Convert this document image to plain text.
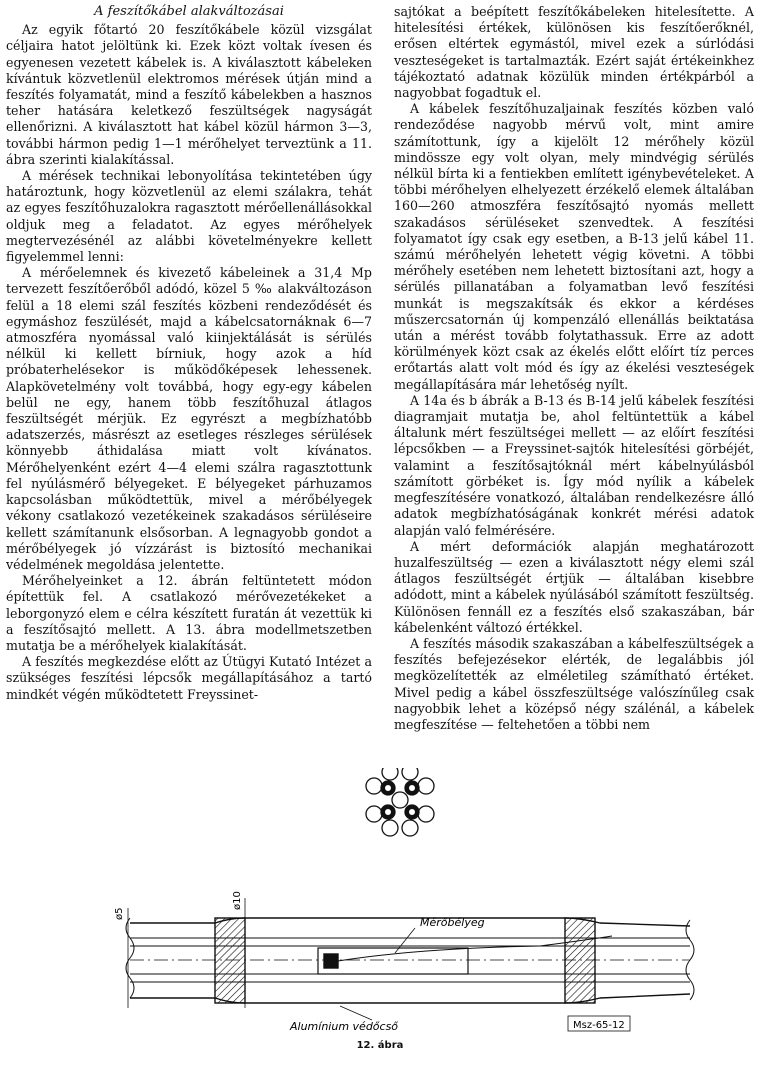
A feszítőkábel alakváltozásai

Az egyik főtartó 20 feszítőkábele közül vizsgálat céljaira hatot jelöltünk ki. Ezek közt voltak ívesen és egyenesen vezetett kábelek is. A kiválasztott kábeleken kívántuk közvetlenül elektromos mérések útján mind a feszítés folyamatát, mind a feszítő kábelekben a hasznos teher hatására keletkező feszültségek nagyságát ellenőrizni. A kiválasztott hat kábel közül hármon 3—3, további hármon pedig 1—1 mérőhelyet terveztünk a 11. ábra szerinti kialakítással.

A mérések technikai lebonyolítása tekintetében úgy határoztunk, hogy közvetlenül az elemi szálakra, tehát az egyes feszítőhuzalokra ragasztott mérőellenállásokkal oldjuk meg a feladatot. Az egyes mérőhelyek megtervezésénél az alábbi követelményekre kellett figyelemmel lenni:

A mérőelemnek és kivezető kábeleinek a 31,4 Mp tervezett feszítőerőből adódó, közel 5 ‰ alakváltozáson felül a 18 elemi szál feszítés közbeni rendeződését és egymáshoz feszülését, majd a kábelcsatornáknak 6—7 atmoszféra nyomással való kiinjektálását is sérülés nélkül ki kellett bírniuk, hogy azok a híd próbaterhelésekor is működőképesek lehessenek. Alapkövetelmény volt továbbá, hogy egy-egy kábelen belül ne egy, hanem több feszítőhuzal átlagos feszültségét mérjük. Ez egyrészt a megbízhatóbb adatszerzés, másrészt az esetleges részleges sérülések könnyebb áthidalása miatt volt kívánatos. Mérőhelyenként ezért 4—4 elemi szálra ragasztottunk fel nyúlásmérő bélyegeket. E bélyegeket párhuzamos kapcsolásban működtettük, mivel a mérőbélyegek vékony csatlakozó vezetékeinek szakadásos sérüléseire kellett számítanunk elsősorban. A legnagyobb gondot a mérőbélyegek jó vízzárást is biztosító mechanikai védelmének megoldása jelentette.

Mérőhelyeinket a 12. ábrán feltüntetett módon építettük fel. A csatlakozó mérővezetékeket a leborgonyzó elem e célra készített furatán át vezettük ki a feszítősajtó mellett. A 13. ábra modellmetszetben mutatja be a mérőhelyek kialakítását.

A feszítés megkezdése előtt az Útügyi Kutató Intézet a szükséges feszítési lépcsők megállapításához a tartó mindkét végén működtetett Freyssinet-

sajtókat a beépített feszítőkábeleken hitelesítette. A hitelesítési értékek, különösen kis feszítőerőknél, erősen eltértek egymástól, mivel ezek a súrlódási veszteségeket is tartalmazták. Ezért saját értékeinkhez tájékoztató adatnak közülük minden értékpárból a nagyobbat fogadtuk el.

A kábelek feszítőhuzaljainak feszítés közben való rendeződése nagyobb mérvű volt, mint amire számítottunk, így a kijelölt 12 mérőhely közül mindössze egy volt olyan, mely mindvégig sérülés nélkül bírta ki a fentiekben említett igénybevételeket. A többi mérőhelyen elhelyezett érzékelő elemek általában 160—260 atmoszféra feszítősajtó nyomás mellett szakadásos sérüléseket szenvedtek. A feszítési folyamatot így csak egy esetben, a B-13 jelű kábel 11. számú mérőhelyén lehetett végig követni. A többi mérőhely esetében nem lehetett biztosítani azt, hogy a sérülés pillanatában a folyamatban levő feszítési munkát is megszakítsák és ekkor a kérdéses műszercsatornán új kompenzáló ellenállás beiktatása után a mérést tovább folytathassuk. Erre az adott körülmények közt csak az ékelés előtt előírt tíz perces erőtartás alatt volt mód és így az ékelési veszteségek megállapítására már lehetőség nyílt.

A 14a és b ábrák a B-13 és B-14 jelű kábelek feszítési diagramjait mutatja be, ahol feltüntettük a kábel általunk mért feszültségei mellett — az előírt feszítési lépcsőkben — a Freyssinet-sajtók hitelesítési görbéjét, valamint a feszítősajtóknál mért kábelnyúlásból számított görbéket is. Így mód nyílik a kábelek megfeszítésére vonatkozó, általában rendelkezésre álló adatok megbízhatóságának konkrét mérési adatok alapján való felmérésére.

A mért deformációk alapján meghatározott huzalfeszültség — ezen a kiválasztott négy elemi szál átlagos feszültségét értjük — általában kisebbre adódott, mint a kábelek nyúlásából számított feszültség. Különösen fennáll ez a feszítés első szakaszában, bár kábelenként változó értékkel.

A feszítés második szakaszában a kábelfeszültségek a feszítés befejezésekor elérték, de legalábbis jól megközelítették az elméletileg számítható értéket. Mivel pedig a kábel összfeszültsége valószínűleg csak nagyobbik lehet a középső négy szálénál, a kábelek megfeszítése — feltehetően a többi nem

ø5
ø10
Mérőbélyeg
Alumínium védőcső	Msz-65-12
12. ábra
